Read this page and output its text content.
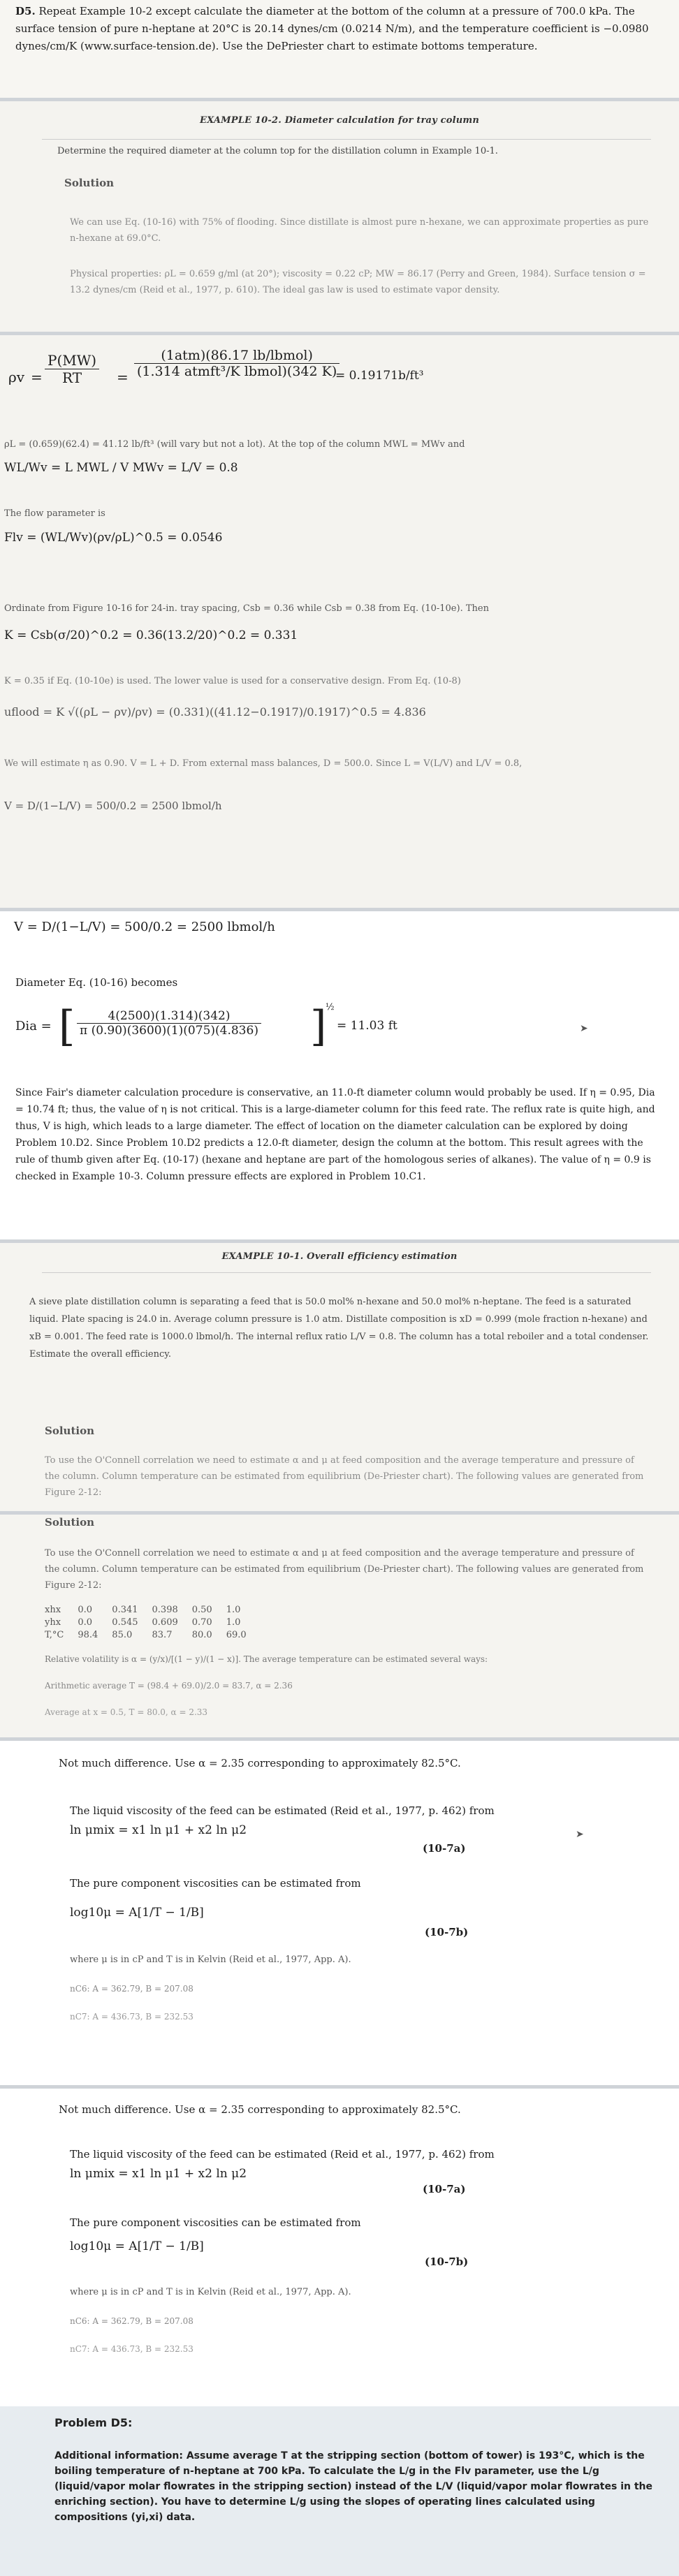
D5. Repeat Example 10-2 except calculate the diameter at the bottom of the column at a pressure of 700.0 kPa. The surface tension of pure n-heptane at 20°C is 20.14 dynes/cm (0.0214 N/m), and the temperature coefficient is −0.0980 dynes/cm/K (www.surface-tension.de). Use the DePriester chart to estimate bottoms temperature.
EXAMPLE 10-2. Diameter calculation for tray column
Determine the required diameter at the column top for the distillation column in Example 10-1.
Solution
We can use Eq. (10-16) with 75% of flooding. Since distillate is almost pure n-hexane, we can approximate properties as pure n-hexane at 69.0°C.
Physical properties: ρL = 0.659 g/ml (at 20°); viscosity = 0.22 cP; MW = 86.17 (Perry and Green, 1984). Surface tension σ = 13.2 dynes/cm (Reid et al., 1977, p. 610). The ideal gas law is used to estimate vapor density.
$\rho v = \frac{P(MW)}{RT}$ =
(1atm)(86.17 lb/lbmol)
(1.314 atmft³/K lbmol)(342 K)
= 0.19171b/ft³
ρL = (0.659)(62.4) = 41.12 lb/ft³ (will vary but not a lot). At the top of the column MWL = MWv and
WL/Wv = L MWL / V MWv = L/V = 0.8
The flow parameter is
Flv = (WL/Wv)(ρv/ρL)^0.5 = 0.0546
Ordinate from Figure 10-16 for 24-in. tray spacing, Csb = 0.36 while Csb = 0.38 from Eq. (10-10e). Then
K = Csb(σ/20)^0.2 = 0.36(13.2/20)^0.2 = 0.331
K = 0.35 if Eq. (10-10e) is used. The lower value is used for a conservative design. From Eq. (10-8)
uflood = K √((ρL − ρv)/ρv) = (0.331)((41.12−0.1917)/0.1917)^0.5 = 4.836
We will estimate η as 0.90. V = L + D. From external mass balances, D = 500.0. Since L = V(L/V) and L/V = 0.8,
V = D/(1−L/V) = 500/0.2 = 2500 lbmol/h
V = D/(1−L/V) = 500/0.2 = 2500 lbmol/h
Diameter Eq. (10-16) becomes
Dia = [ $\frac{4(2500)(1.314)(342)}{\pi (0.90)(3600)(1)(075)(4.836)}$ ]
½
= 11.03 ft	➤
Since Fair's diameter calculation procedure is conservative, an 11.0-ft diameter column would probably be used. If η = 0.95, Dia = 10.74 ft; thus, the value of η is not critical. This is a large-diameter column for this feed rate. The reflux rate is quite high, and thus, V is high, which leads to a large diameter. The effect of location on the diameter calculation can be explored by doing Problem 10.D2. Since Problem 10.D2 predicts a 12.0-ft diameter, design the column at the bottom. This result agrees with the rule of thumb given after Eq. (10-17) (hexane and heptane are part of the homologous series of alkanes). The value of η = 0.9 is checked in Example 10-3. Column pressure effects are explored in Problem 10.C1.
EXAMPLE 10-1. Overall efficiency estimation
A sieve plate distillation column is separating a feed that is 50.0 mol% n-hexane and 50.0 mol% n-heptane. The feed is a saturated liquid. Plate spacing is 24.0 in. Average column pressure is 1.0 atm. Distillate composition is xD = 0.999 (mole fraction n-hexane) and xB = 0.001. The feed rate is 1000.0 lbmol/h. The internal reflux ratio L/V = 0.8. The column has a total reboiler and a total condenser. Estimate the overall efficiency.
Solution
To use the O'Connell correlation we need to estimate α and μ at feed composition and the average temperature and pressure of the column. Column temperature can be estimated from equilibrium (De-Priester chart). The following values are generated from Figure 2-12:
Solution
To use the O'Connell correlation we need to estimate α and μ at feed composition and the average temperature and pressure of the column. Column temperature can be estimated from equilibrium (De-Priester chart). The following values are generated from Figure 2-12:
xhx	0.0	0.341	0.398	0.50	1.0
yhx	0.0	0.545	0.609	0.70	1.0
T,°C	98.4	85.0	83.7	80.0	69.0
Relative volatility is α = (y/x)/[(1 − y)/(1 − x)]. The average temperature can be estimated several ways:
Arithmetic average T = (98.4 + 69.0)/2.0 = 83.7, α = 2.36
Average at x = 0.5, T = 80.0, α = 2.33
Not much difference. Use α = 2.35 corresponding to approximately 82.5°C.
The liquid viscosity of the feed can be estimated (Reid et al., 1977, p. 462) from
ln μmix = x1 ln μ1 + x2 ln μ2
(10-7a)
➤
The pure component viscosities can be estimated from
log10μ = A[1/T − 1/B]
(10-7b)
where μ is in cP and T is in Kelvin (Reid et al., 1977, App. A).
nC6: A = 362.79, B = 207.08
nC7: A = 436.73, B = 232.53
Not much difference. Use α = 2.35 corresponding to approximately 82.5°C.
The liquid viscosity of the feed can be estimated (Reid et al., 1977, p. 462) from
ln μmix = x1 ln μ1 + x2 ln μ2
(10-7a)
The pure component viscosities can be estimated from
log10μ = A[1/T − 1/B]
(10-7b)
where μ is in cP and T is in Kelvin (Reid et al., 1977, App. A).
nC6: A = 362.79, B = 207.08
nC7: A = 436.73, B = 232.53
Problem D5:
Additional information: Assume average T at the stripping section (bottom of tower) is 193°C, which is the boiling temperature of n-heptane at 700 kPa. To calculate the L/g in the Flv parameter, use the L/g (liquid/vapor molar flowrates in the stripping section) instead of the L/V (liquid/vapor molar flowrates in the enriching section). You have to determine L/g using the slopes of operating lines calculated using compositions (yi,xi) data.
